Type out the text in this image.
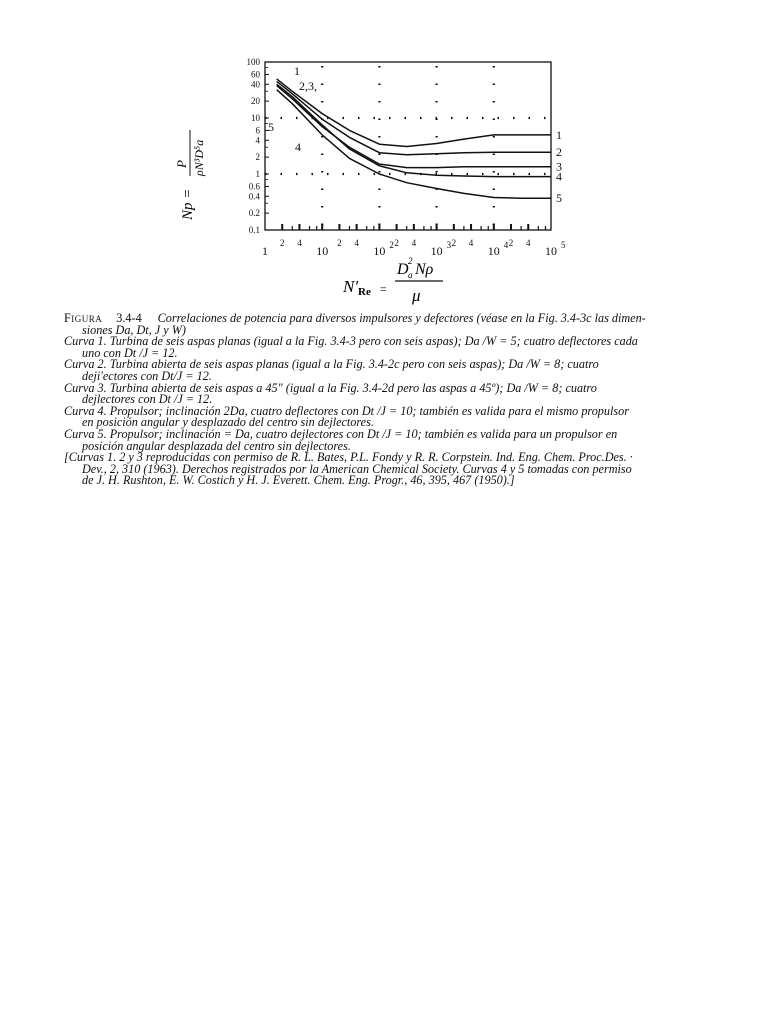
100
60
40
20
10
6
4
2
1
0.6
0.4
0.2
0.1
1
2 4
10
2 4
10 2 2 4
10 3 2 4
10 4 2 4
10 5
1
2
3
4
5
1
2,3,
5
4
Np =
P ρN³D⁵a
N' Re =
D 2
a Nρ
μ
Figura 3.4-4 Correlaciones de potencia para diversos impulsores y defectores (véase en la Fig. 3.4-3c las dimen-
siones Da, Dt, J y W)
Curva 1. Turbina de seis aspas planas (igual a la Fig. 3.4-3 pero con seis aspas); Da /W = 5; cuatro deflectores cada
uno con Dt /J = 12.
Curva 2. Turbina abierta de seis aspas planas (igual a la Fig. 3.4-2c pero con seis aspas); Da /W = 8; cuatro
deji'ectores con Dt/J = 12.
Curva 3. Turbina abierta de seis aspas a 45" (igual a la Fig. 3.4-2d pero las aspas a 45º); Da /W = 8; cuatro
dejlectores con Dt /J = 12.
Curva 4. Propulsor; inclinación 2Da, cuatro deflectores con Dt /J = 10; también es valida para el mismo propulsor
en posición angular y desplazado del centro sin dejlectores.
Curva 5. Propulsor; inclinación = Da, cuatro dejlectores con Dt /J = 10; también es valida para un propulsor en
posición angular desplazada del centro sin dejlectores.
[Curvas 1. 2 y 3 reproducidas con permiso de R. L. Bates, P.L. Fondy y R. R. Corpstein. Ind. Eng. Chem. Proc.Des. ·
Dev., 2, 310 (1963). Derechos registrados por la American Chemical Society. Curvas 4 y 5 tomadas con permiso
de J. H. Rushton, E. W. Costich y H. J. Everett. Chem. Eng. Progr., 46, 395, 467 (1950).]
